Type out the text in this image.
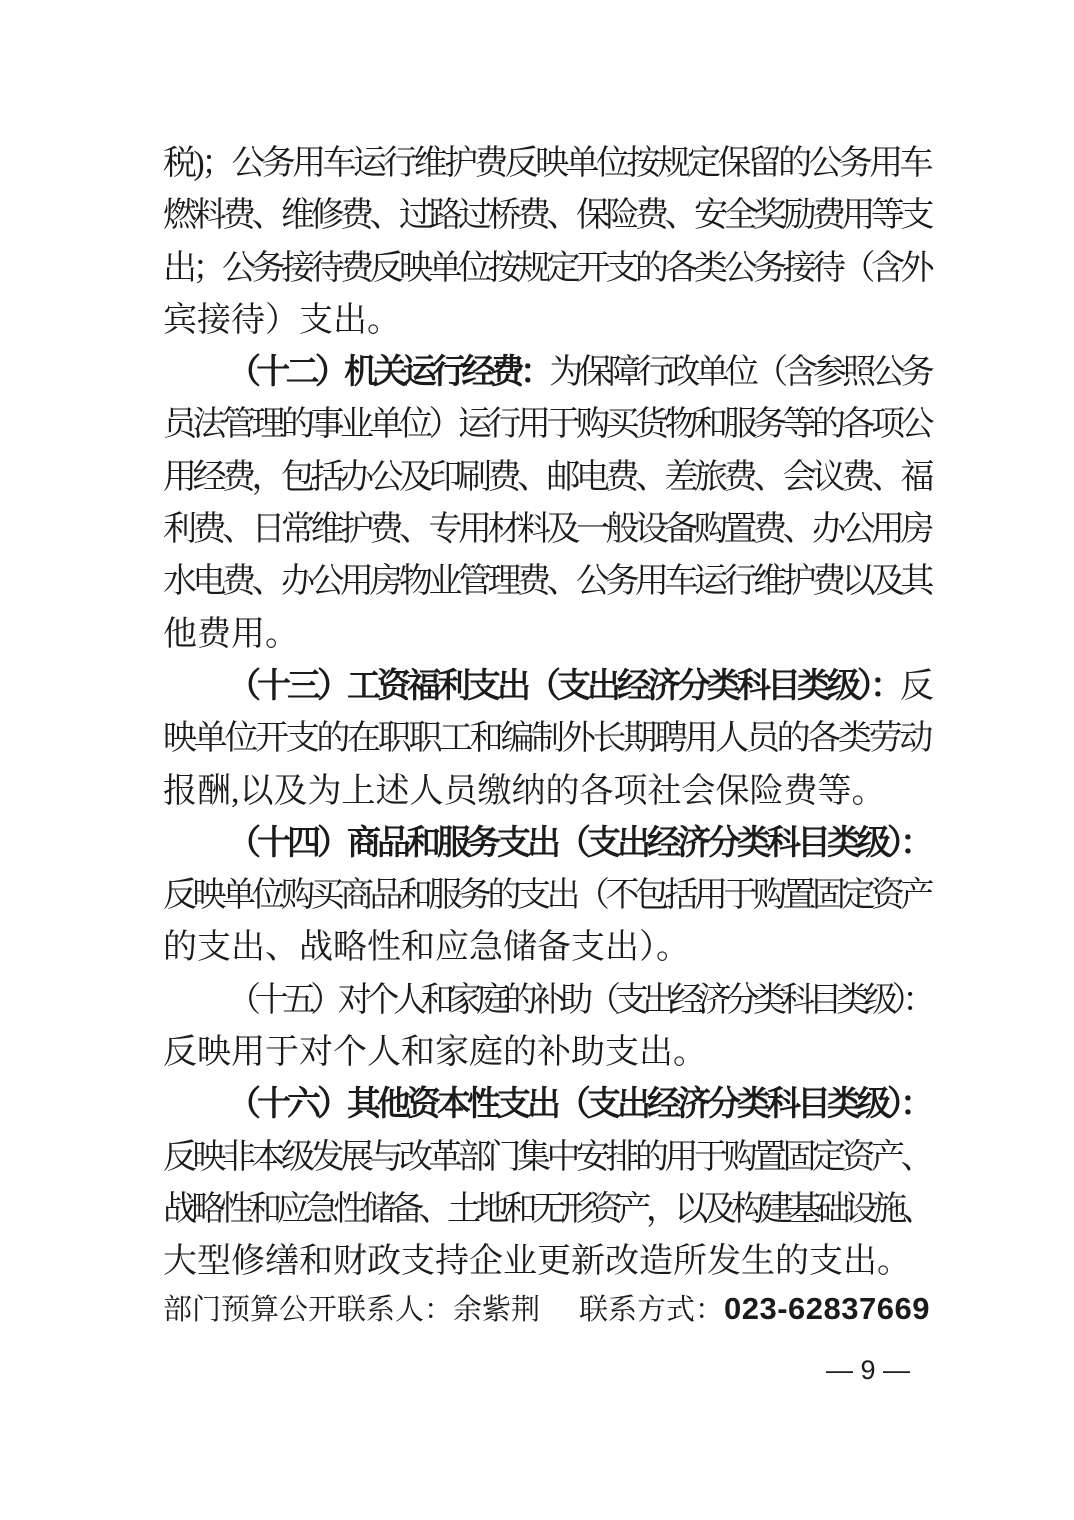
税)；公务用车运行维护费反映单位按规定保留的公务用车
燃料费、维修费、过路过桥费、保险费、安全奖励费用等支
出；公务接待费反映单位按规定开支的各类公务接待（含外
宾接待）支出。
（十二）机关运行经费：为保障行政单位（含参照公务
员法管理的事业单位）运行用于购买货物和服务等的各项公
用经费，包括办公及印刷费、邮电费、差旅费、会议费、福
利费、日常维护费、专用材料及一般设备购置费、办公用房
水电费、办公用房物业管理费、公务用车运行维护费以及其
他费用。
（十三）工资福利支出（支出经济分类科目类级）：反
映单位开支的在职职工和编制外长期聘用人员的各类劳动
报酬,以及为上述人员缴纳的各项社会保险费等。
（十四）商品和服务支出（支出经济分类科目类级）：
反映单位购买商品和服务的支出（不包括用于购置固定资产
的支出、战略性和应急储备支出）。
（十五）对个人和家庭的补助（支出经济分类科目类级）：
反映用于对个人和家庭的补助支出。
（十六）其他资本性支出（支出经济分类科目类级）：
反映非本级发展与改革部门集中安排的用于购置固定资产、
战略性和应急性储备、土地和无形资产，以及构建基础设施、
大型修缮和财政支持企业更新改造所发生的支出。
部门预算公开联系人：余紫荆 联系方式：023-62837669
— 9 —
